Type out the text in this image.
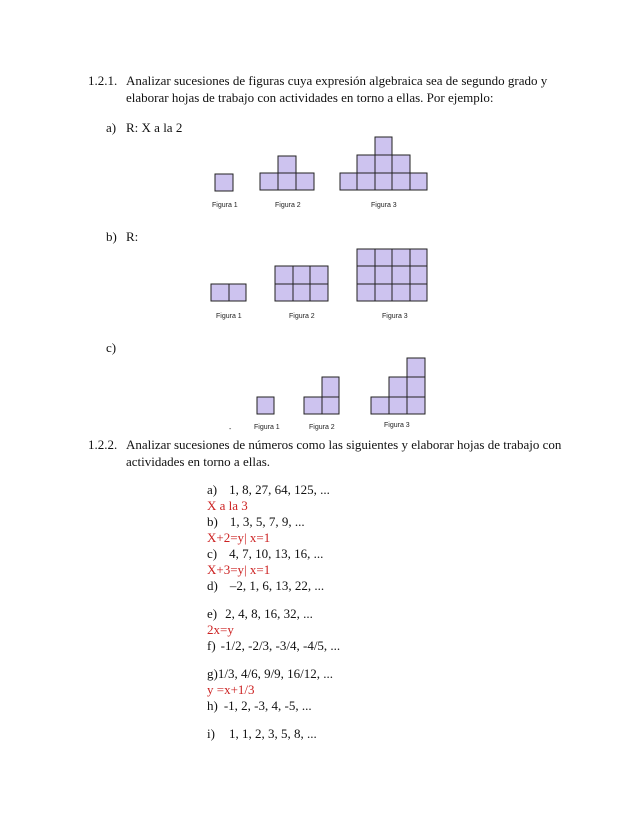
1.2.1. Analizar sucesiones de figuras cuya expresión algebraica sea de segundo grado y
elaborar hojas de trabajo con actividades en torno a ellas. Por ejemplo:
a) R: X a la 2
b) R:
c)
Figura 1	Figura 2	Figura 3
Figura 1	Figura 2	Figura 3
Figura 1	Figura 2	Figura 3
-
1.2.2. Analizar sucesiones de números como las siguientes y elaborar hojas de trabajo con
actividades en torno a ellas.
a) 1, 8, 27, 64, 125, ...
X a la 3
b) 1, 3, 5, 7, 9, ...
X+2=y| x=1
c) 4, 7, 10, 13, 16, ...
X+3=y| x=1
d) –2, 1, 6, 13, 22, ...
e) 2, 4, 8, 16, 32, ...
2x=y
f) -1/2, -2/3, -3/4, -4/5, ...
g)1/3, 4/6, 9/9, 16/12, ...
y =x+1/3
h) -1, 2, -3, 4, -5, ...
i) 1, 1, 2, 3, 5, 8, ...
